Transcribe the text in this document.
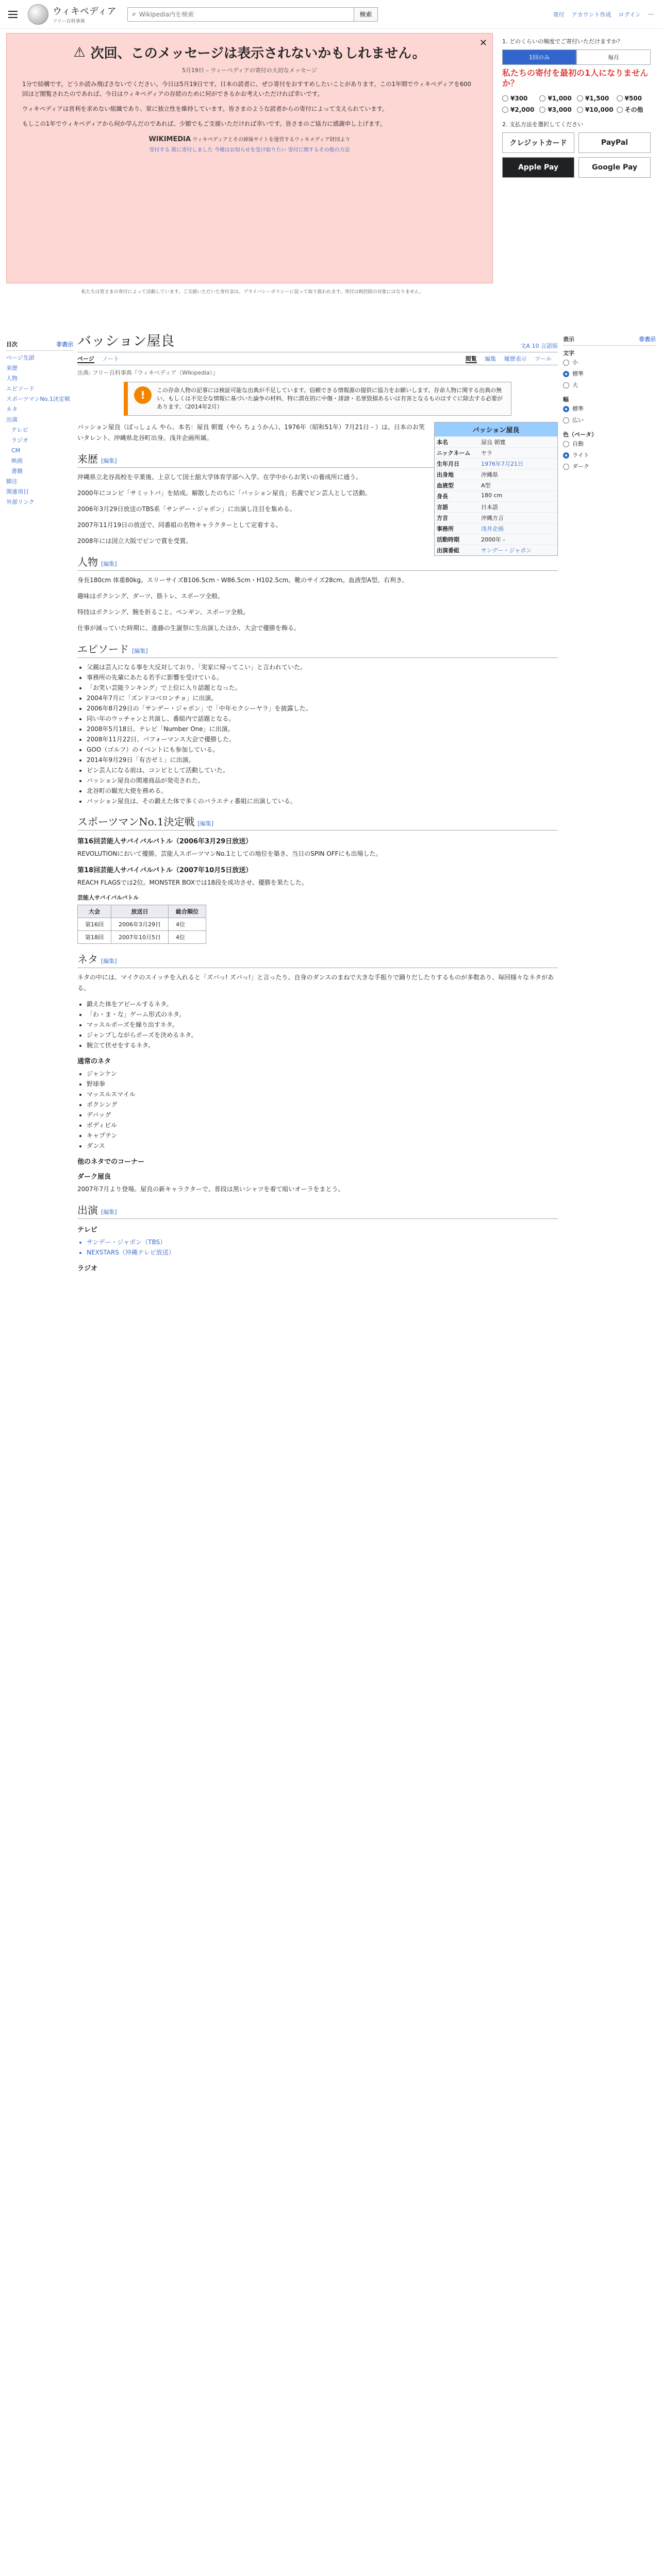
ウィキペディア
フリー百科事典
⌕
Wikipedia内を検索	検索	寄付 アカウント作成 ログイン ⋯
✕
⚠ 次回、このメッセージは表示されないかもしれません。
5月19日 – ウィーペディアの寄付の大切なメッセージ
1分で結構です。どうか読み飛ばさないでください。今日は5月19日です。日本の読者に、ぜひ寄付をおすすめしたいことがあります。この1年間でウィキペディアを600回ほど閲覧されたのであれば、今日はウィキペディアの存続のために何ができるかお考えいただければ幸いです。
ウィキペディアは営利を求めない組織であり、常に独立性を維持しています。皆さまのような読者からの寄付によって支えられています。
もしこの1年でウィキペディアから何か学んだのであれば、少額でもご支援いただければ幸いです。皆さまのご協力に感謝申し上げます。
WIKIMEDIA ウィキペディアとその姉妹サイトを運営するウィキメディア財団より
寄付する 既に寄付しました 今後はお知らせを受け取りたい 寄付に関するその他の方法
1. どのくらいの頻度でご寄付いただけますか？
1回のみ	毎月
私たちの寄付を最初の1人になりませんか？
¥300	¥1,000 ¥1,500	¥500
¥2,000 ¥3,000 ¥10,000 その他
2. 支払方法を選択してください
クレジットカード	PayPal
Apple Pay	Google Pay
私たちは皆さまの寄付によって活動しています。ご支援いただいた寄付金は、プライバシーポリシーに従って取り扱われます。寄付は税控除の対象にはなりません。
目次	非表示
ページ先頭
来歴
人物
エピソード
スポーツマンNo.1決定戦
ネタ
出演
テレビ
ラジオ
CM
映画
書籍
脚注
関連項目
外部リンク
バッション屋良	文A 10 言語版
ページ ノート	閲覧 編集 履歴表示 ツール
出典: フリー百科事典『ウィキペディア（Wikipedia）』
!	この存命人物の記事には検証可能な出典が不足しています。信頼できる情報源の提供に協力をお願いします。存命人物に関する出典の無い、もしくは不完全な情報に基づいた論争の材料、特に潜在的に中傷・誹謗・名誉毀損あるいは有害となるものはすぐに除去する必要があります。（2014年2月）
バッション屋良
本名	屋良 朝寛
ニックネーム	ヤラ
生年月日	1976年7月21日
出身地	沖縄県
血液型	A型
身長	180 cm
言語	日本語
方言	沖縄方言
事務所	浅井企画
活動時期	2000年 -
出演番組	サンデー・ジャポン

バッション屋良（ばっしょん やら、本名：屋良 朝寛（やら ちょうかん）、1976年（昭和51年）7月21日 - ）は、日本のお笑いタレント、沖縄県北谷町出身。浅井企画所属。

来歴 [編集]

沖縄県立北谷高校を卒業後、上京して国士舘大学体育学部へ入学。在学中からお笑いの養成所に通う。

2000年にコンビ「サミットバ」を結成。解散したのちに「バッション屋良」名義でピン芸人として活動。

2006年3月29日放送のTBS系「サンデー・ジャポン」に出演し注目を集める。

2007年11月19日の放送で、同番組の名物キャラクターとして定着する。

2008年には国立大阪でピンで賞を受賞。

人物 [編集]

身長180cm 体重80kg。スリーサイズB106.5cm・W86.5cm・H102.5cm。靴のサイズ28cm。血液型A型。右利き。

趣味はボクシング、ダーツ、筋トレ、スポーツ全般。

特技はボクシング、腕を折ること、ペンギン、スポーツ全般。

仕事が減っていた時期に、進藤の生誕祭に生出演したほか、大会で優勝を飾る。

エピソード [編集]
• 父親は芸人になる事を大反対しており、「実家に帰ってこい」と言われていた。
• 事務所の先輩にあたる若手に影響を受けている。
• 「お笑い芸能ランキング」で上位に入り話題となった。
• 2004年7月に「ズンドコベロンチョ」に出演。
• 2006年8月29日の「サンデー・ジャポン」で「中年セクシーヤラ」を披露した。
• 同い年のウッチャンと共演し、番組内で話題となる。
• 2008年5月18日、テレビ「Number One」に出演。
• 2008年11月22日、パフォーマンス大会で優勝した。
• GOO（ゴルフ）のイベントにも参加している。
• 2014年9月29日「有吉ゼミ」に出演。
• ピン芸人になる前は、コンビとして活動していた。
• バッション屋良の関連商品が発売された。
• 北谷町の観光大使を務める。
• バッション屋良は、その鍛えた体で多くのバラエティ番組に出演している。
スポーツマンNo.1決定戦 [編集]
第16回芸能人サバイバルバトル（2006年3月29日放送）

REVOLUTIONにおいて優勝。芸能人スポーツマンNo.1としての地位を築き、当日のSPIN OFFにも出場した。

第18回芸能人サバイバルバトル（2007年10月5日放送）

REACH FLAGSでは2位。MONSTER BOXでは18段を成功させ、優勝を果たした。

芸能人サバイバルバトル
大会	放送日	総合順位
第16回	2006年3月29日	4位
第18回	2007年10月5日	4位
ネタ [編集]

ネタの中には、マイクのスイッチを入れると「ズバっ! ズバっ!」と言ったり、自身のダンスのまねで大きな手振りで踊りだしたりするものが多数あり、毎回様々なネタがある。

• 鍛えた体をアピールするネタ。
• 「わ・ま・な」ゲーム形式のネタ。
• マッスルポーズを繰り出すネタ。
• ジャンプしながらポーズを決めるネタ。
• 腕立て伏せをするネタ。
通常のネタ
• ジャンケン
• 野球拳
• マッスルスマイル
• ボクシング
• デバッグ
• ボディビル
• キャプテン
• ダンス
他のネタでのコーナー
ダーク屋良

2007年7月より登場。屋良の新キャラクターで、普段は黒いシャツを着て暗いオーラをまとう。

出演 [編集]
テレビ
• サンデー・ジャポン（TBS）
• NEXSTARS（沖縄テレビ放送）
ラジオ
表示	非表示
文字
小
標準
大
幅
標準
広い
色（ベータ）
自動
ライト
ダーク
